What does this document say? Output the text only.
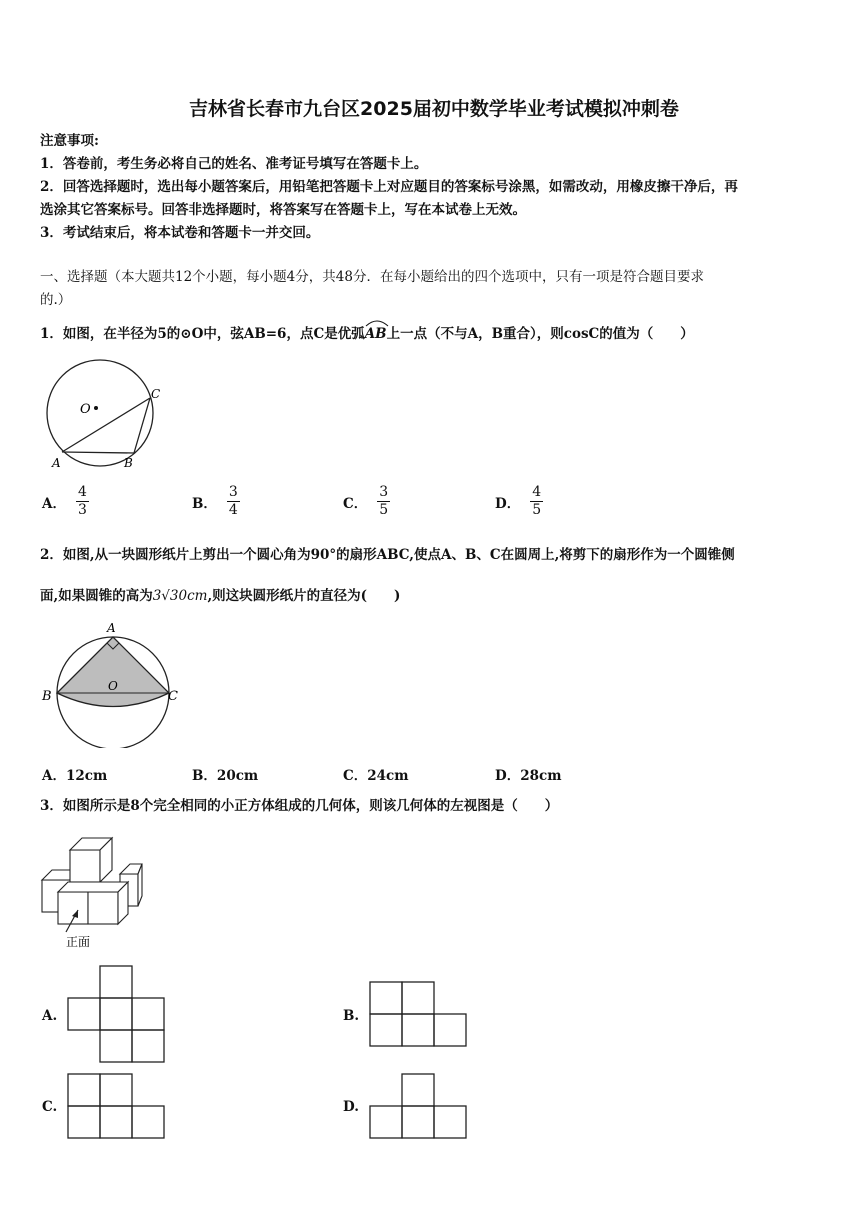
吉林省长春市九台区2025届初中数学毕业考试模拟冲刺卷
注意事项:
1．答卷前，考生务必将自己的姓名、准考证号填写在答题卡上。
2．回答选择题时，选出每小题答案后，用铅笔把答题卡上对应题目的答案标号涂黑，如需改动，用橡皮擦干净后，再
选涂其它答案标号。回答非选择题时，将答案写在答题卡上，写在本试卷上无效。
3．考试结束后，将本试卷和答题卡一并交回。
一、选择题（本大题共12个小题，每小题4分，共48分．在每小题给出的四个选项中，只有一项是符合题目要求
的.）
1．如图，在半径为5的⊙O中，弦AB=6，点C是优弧
AB上一点（不与A，B重合），则cosC的值为（　　）
O
A	B
C
A． $\frac{4}{3}$	B． $\frac{3}{4}$	C． $\frac{3}{5}$	D． $\frac{4}{5}$
2．如图,从一块圆形纸片上剪出一个圆心角为90°的扇形ABC,使点A、B、C在圆周上,将剪下的扇形作为一个圆锥侧
面,如果圆锥的高为3√30cm,则这块圆形纸片的直径为(　　)
A
B	C
O
A．12cm	B．20cm	C．24cm	D．28cm
3．如图所示是8个完全相同的小正方体组成的几何体，则该几何体的左视图是（　　）
正面
A.	B.
C.	D.
